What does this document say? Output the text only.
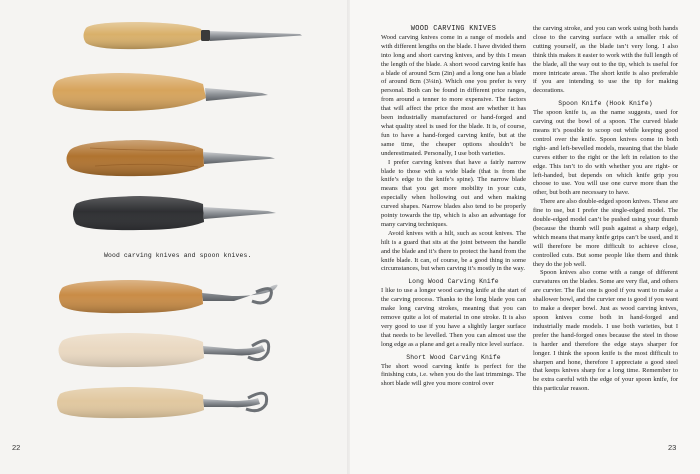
Wood carving knives and spoon knives.
22
WOOD CARVING KNIVES

Wood carving knives come in a range of models and with different lengths on the blade. I have divided them into long and short carving knives, and by this I mean the length of the blade. A short wood carving knife has a blade of around 5cm (2in) and a long one has a blade of around 8cm (3¼in). Which one you prefer is very personal. Both can be found in different price ranges, from around a tenner to more expensive. The factors that will affect the price the most are whether it has been industrially manufactured or hand-forged and what quality steel is used for the blade. It is, of course, fun to have a hand-forged carving knife, but at the same time, the cheaper options shouldn’t be underestimated. Personally, I use both varieties.

I prefer carving knives that have a fairly narrow blade to those with a wide blade (that is from the knife’s edge to the knife’s spine). The narrow blade means that you get more mobility in your cuts, especially when hollowing out and when making curved shapes. Narrow blades also tend to be properly pointy towards the tip, which is also an advantage for many carving techniques.

Avoid knives with a hilt, such as scout knives. The hilt is a guard that sits at the joint between the handle and the blade and it’s there to protect the hand from the knife blade. It can, of course, be a good thing in some circumstances, but when carving it’s mostly in the way.

Long Wood Carving Knife

I like to use a longer wood carving knife at the start of the carving process. Thanks to the long blade you can make long carving strokes, meaning that you can remove quite a lot of material in one stroke. It is also very good to use if you have a slightly larger surface that needs to be levelled. Then you can almost use the long edge as a plane and get a really nice level surface.

Short Wood Carving Knife

The short wood carving knife is perfect for the finishing cuts, i.e. when you do the last trimmings. The short blade will give you more control over

the carving stroke, and you can work using both hands close to the carving surface with a smaller risk of cutting yourself, as the blade isn’t very long. I also think this makes it easier to work with the full length of the blade, all the way out to the tip, which is useful for more intricate areas. The short knife is also preferable if you are intending to use the tip for making decorations.

Spoon Knife (Hook Knife)

The spoon knife is, as the name suggests, used for carving out the bowl of a spoon. The curved blade means it’s possible to scoop out while keeping good control over the knife. Spoon knives come in both right- and left-bevelled models, meaning that the blade curves either to the right or the left in relation to the edge. This isn’t to do with whether you are right- or left-handed, but depends on which knife grip you choose to use. You will use one curve more than the other, but both are necessary to have.

There are also double-edged spoon knives. These are fine to use, but I prefer the single-edged model. The double-edged model can’t be pushed using your thumb (because the thumb will push against a sharp edge), which means that many knife grips can’t be used, and it will therefore be more difficult to achieve close, controlled cuts. But some people like them and think they do the job well.

Spoon knives also come with a range of different curvatures on the blades. Some are very flat, and others are curvier. The flat one is good if you want to make a shallower bowl, and the curvier one is good if you want to make a deeper bowl. Just as wood carving knives, spoon knives come both in hand-forged and industrially made models. I use both varieties, but I prefer the hand-forged ones because the steel in those is harder and therefore the edge stays sharper for longer. I think the spoon knife is the most difficult to sharpen and hone, therefore I appreciate a good steel that keeps knives sharp for a long time. Remember to be extra careful with the edge of your spoon knife, for this particular reason.

23
